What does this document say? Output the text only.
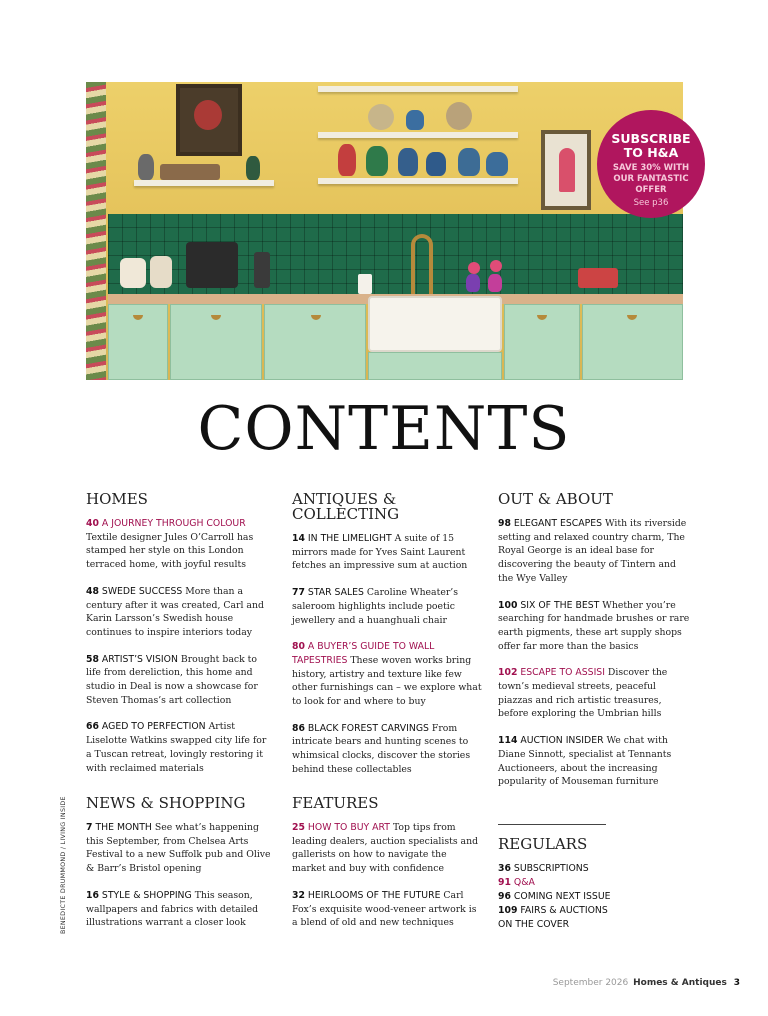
SUBSCRIBE TO H&A
SAVE 30% WITH OUR FANTASTIC OFFER
See p36
CONTENTS
HOMES

40 A JOURNEY THROUGH COLOUR Textile designer Jules O’Carroll has stamped her style on this London terraced home, with joyful results

48 SWEDE SUCCESS More than a century after it was created, Carl and Karin Larsson’s Swedish house continues to inspire interiors today

58 ARTIST’S VISION Brought back to life from dereliction, this home and studio in Deal is now a showcase for Steven Thomas’s art collection

66 AGED TO PERFECTION Artist Liselotte Watkins swapped city life for a Tuscan retreat, lovingly restoring it with reclaimed materials

NEWS & SHOPPING

7 THE MONTH See what’s happening this September, from Chelsea Arts Festival to a new Suffolk pub and Olive & Barr’s Bristol opening

16 STYLE & SHOPPING This season, wallpapers and fabrics with detailed illustrations warrant a closer look

ANTIQUES & COLLECTING

14 IN THE LIMELIGHT A suite of 15 mirrors made for Yves Saint Laurent fetches an impressive sum at auction

77 STAR SALES Caroline Wheater’s saleroom highlights include poetic jewellery and a huanghuali chair

80 A BUYER’S GUIDE TO WALL TAPESTRIES These woven works bring history, artistry and texture like few other furnishings can – we explore what to look for and where to buy

86 BLACK FOREST CARVINGS From intricate bears and hunting scenes to whimsical clocks, discover the stories behind these collectables

FEATURES

25 HOW TO BUY ART Top tips from leading dealers, auction specialists and gallerists on how to navigate the market and buy with confidence

32 HEIRLOOMS OF THE FUTURE Carl Fox’s exquisite wood-veneer artwork is a blend of old and new techniques

OUT & ABOUT

98 ELEGANT ESCAPES With its riverside setting and relaxed country charm, The Royal George is an ideal base for discovering the beauty of Tintern and the Wye Valley

100 SIX OF THE BEST Whether you’re searching for handmade brushes or rare earth pigments, these art supply shops offer far more than the basics

102 ESCAPE TO ASSISI Discover the town’s medieval streets, peaceful piazzas and rich artistic treasures, before exploring the Umbrian hills

114 AUCTION INSIDER We chat with Diane Sinnott, specialist at Tennants Auctioneers, about the increasing popularity of Mouseman furniture

REGULARS
36 SUBSCRIPTIONS
91 Q&A
96 COMING NEXT ISSUE
109 FAIRS & AUCTIONS
ON THE COVER
BENEDICTE DRUMMOND / LIVING INSIDE
September 2026 Homes & Antiques 3
